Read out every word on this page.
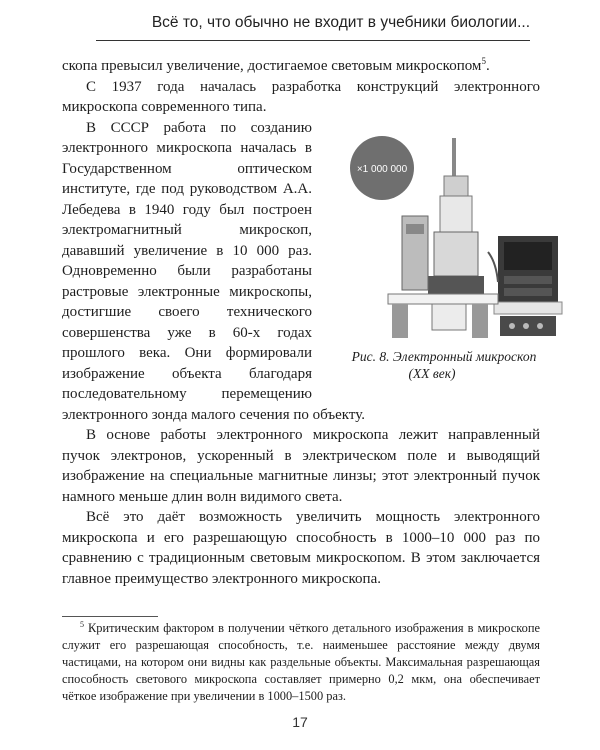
Всё то, что обычно не входит в учебники биологии...

скопа превысил увеличение, достигаемое световым микроскопом$^5$.

С 1937 года началась разработка конструкций электронного микроскопа современного типа.

×1 000 000
Рис. 8. Электронный микроскоп (XX век)
В СССР работа по созданию электронного микроскопа началась в Государственном оптическом институте, где под руководством А.А. Лебедева в 1940 году был построен электромагнитный микроскоп, дававший увеличение в 10 000 раз. Одновременно были разработаны растровые электронные микроскопы, достигшие своего технического совершенства уже в 60-х годах прошлого века. Они формировали изображение объекта благодаря последовательному перемещению электронного зонда малого сечения по объекту.

В основе работы электронного микроскопа лежит направленный пучок электронов, ускоренный в электрическом поле и выводящий изображение на специальные магнитные линзы; этот электронный пучок намного меньше длин волн видимого света.

Всё это даёт возможность увеличить мощность электронного микроскопа и его разрешающую способность в 1000–10 000 раз по сравнению с традиционным световым микроскопом. В этом заключается главное преимущество электронного микроскопа.

$^5$ Критическим фактором в получении чёткого детального изображения в микроскопе служит его разрешающая способность, т.е. наименьшее расстояние между двумя частицами, на котором они видны как раздельные объекты. Максимальная разрешающая способность светового микроскопа составляет примерно 0,2 мкм, она обеспечивает чёткое изображение при увеличении в 1000–1500 раз.

17
